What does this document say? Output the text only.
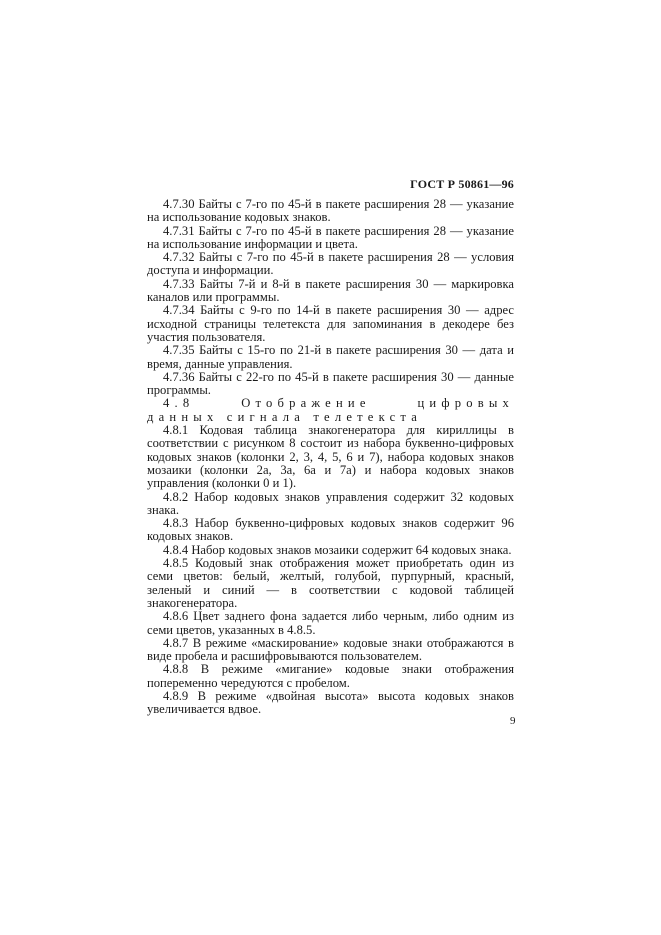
ГОСТ Р 50861—96

4.7.30 Байты с 7-го по 45-й в пакете расширения 28 — указание на использование кодовых знаков.

4.7.31 Байты с 7-го по 45-й в пакете расширения 28 — указание на использование информации и цвета.

4.7.32 Байты с 7-го по 45-й в пакете расширения 28 — условия доступа и информации.

4.7.33 Байты 7-й и 8-й в пакете расширения 30 — маркировка каналов или программы.

4.7.34 Байты с 9-го по 14-й в пакете расширения 30 — адрес исходной страницы телетекста для запоминания в декодере без участия пользователя.

4.7.35 Байты с 15-го по 21-й в пакете расширения 30 — дата и время, данные управления.

4.7.36 Байты с 22-го по 45-й в пакете расширения 30 — данные программы.

4.8 Отображение цифровых данных сигнала телетекста

4.8.1 Кодовая таблица знакогенератора для кириллицы в соответствии с рисунком 8 состоит из набора буквенно-цифровых кодовых знаков (колонки 2, 3, 4, 5, 6 и 7), набора кодовых знаков мозаики (колонки 2а, 3а, 6а и 7а) и набора кодовых знаков управления (колонки 0 и 1).

4.8.2 Набор кодовых знаков управления содержит 32 кодовых знака.

4.8.3 Набор буквенно-цифровых кодовых знаков содержит 96 кодовых знаков.

4.8.4 Набор кодовых знаков мозаики содержит 64 кодовых знака.

4.8.5 Кодовый знак отображения может приобретать один из семи цветов: белый, желтый, голубой, пурпурный, красный, зеленый и синий — в соответствии с кодовой таблицей знакогенератора.

4.8.6 Цвет заднего фона задается либо черным, либо одним из семи цветов, указанных в 4.8.5.

4.8.7 В режиме «маскирование» кодовые знаки отображаются в виде пробела и расшифровываются пользователем.

4.8.8 В режиме «мигание» кодовые знаки отображения попеременно чередуются с пробелом.

4.8.9 В режиме «двойная высота» высота кодовых знаков увеличивается вдвое.

9
